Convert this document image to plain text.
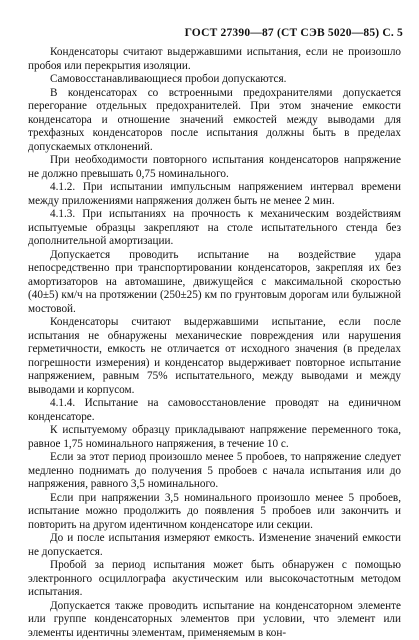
ГОСТ 27390—87 (СТ СЭВ 5020—85) С. 5

Конденсаторы считают выдержавшими испытания, если не произошло пробоя или перекрытия изоляции.

Самовосстанавливающиеся пробои допускаются.

В конденсаторах со встроенными предохранителями допускается перегорание отдельных предохранителей. При этом значение емкости конденсатора и отношение значений емкостей между выводами для трехфазных конденсаторов после испытания должны быть в пределах допускаемых отклонений.

При необходимости повторного испытания конденсаторов напряжение не должно превышать 0,75 номинального.

4.1.2. При испытании импульсным напряжением интервал времени между приложениями напряжения должен быть не менее 2 мин.

4.1.3. При испытаниях на прочность к механическим воздействиям испытуемые образцы закрепляют на столе испытательного стенда без дополнительной амортизации.

Допускается проводить испытание на воздействие удара непосредственно при транспортировании конденсаторов, закрепляя их без амортизаторов на автомашине, движущейся с максимальной скоростью (40±5) км/ч на протяжении (250±25) км по грунтовым дорогам или булыжной мостовой.

Конденсаторы считают выдержавшими испытание, если после испытания не обнаружены механические повреждения или нарушения герметичности, емкость не отличается от исходного значения (в пределах погрешности измерения) и конденсатор выдерживает повторное испытание напряжением, равным 75% испытательного, между выводами и между выводами и корпусом.

4.1.4. Испытание на самовосстановление проводят на единичном конденсаторе.

К испытуемому образцу прикладывают напряжение переменного тока, равное 1,75 номинального напряжения, в течение 10 с.

Если за этот период произошло менее 5 пробоев, то напряжение следует медленно поднимать до получения 5 пробоев с начала испытания или до напряжения, равного 3,5 номинального.

Если при напряжении 3,5 номинального произошло менее 5 пробоев, испытание можно продолжить до появления 5 пробоев или закончить и повторить на другом идентичном конденсаторе или секции.

До и после испытания измеряют емкость. Изменение значений емкости не допускается.

Пробой за период испытания может быть обнаружен с помощью электронного осциллографа акустическим или высокочастотным методом испытания.

Допускается также проводить испытание на конденсаторном элементе или группе конденсаторных элементов при условии, что элемент или элементы идентичны элементам, применяемым в кон-
